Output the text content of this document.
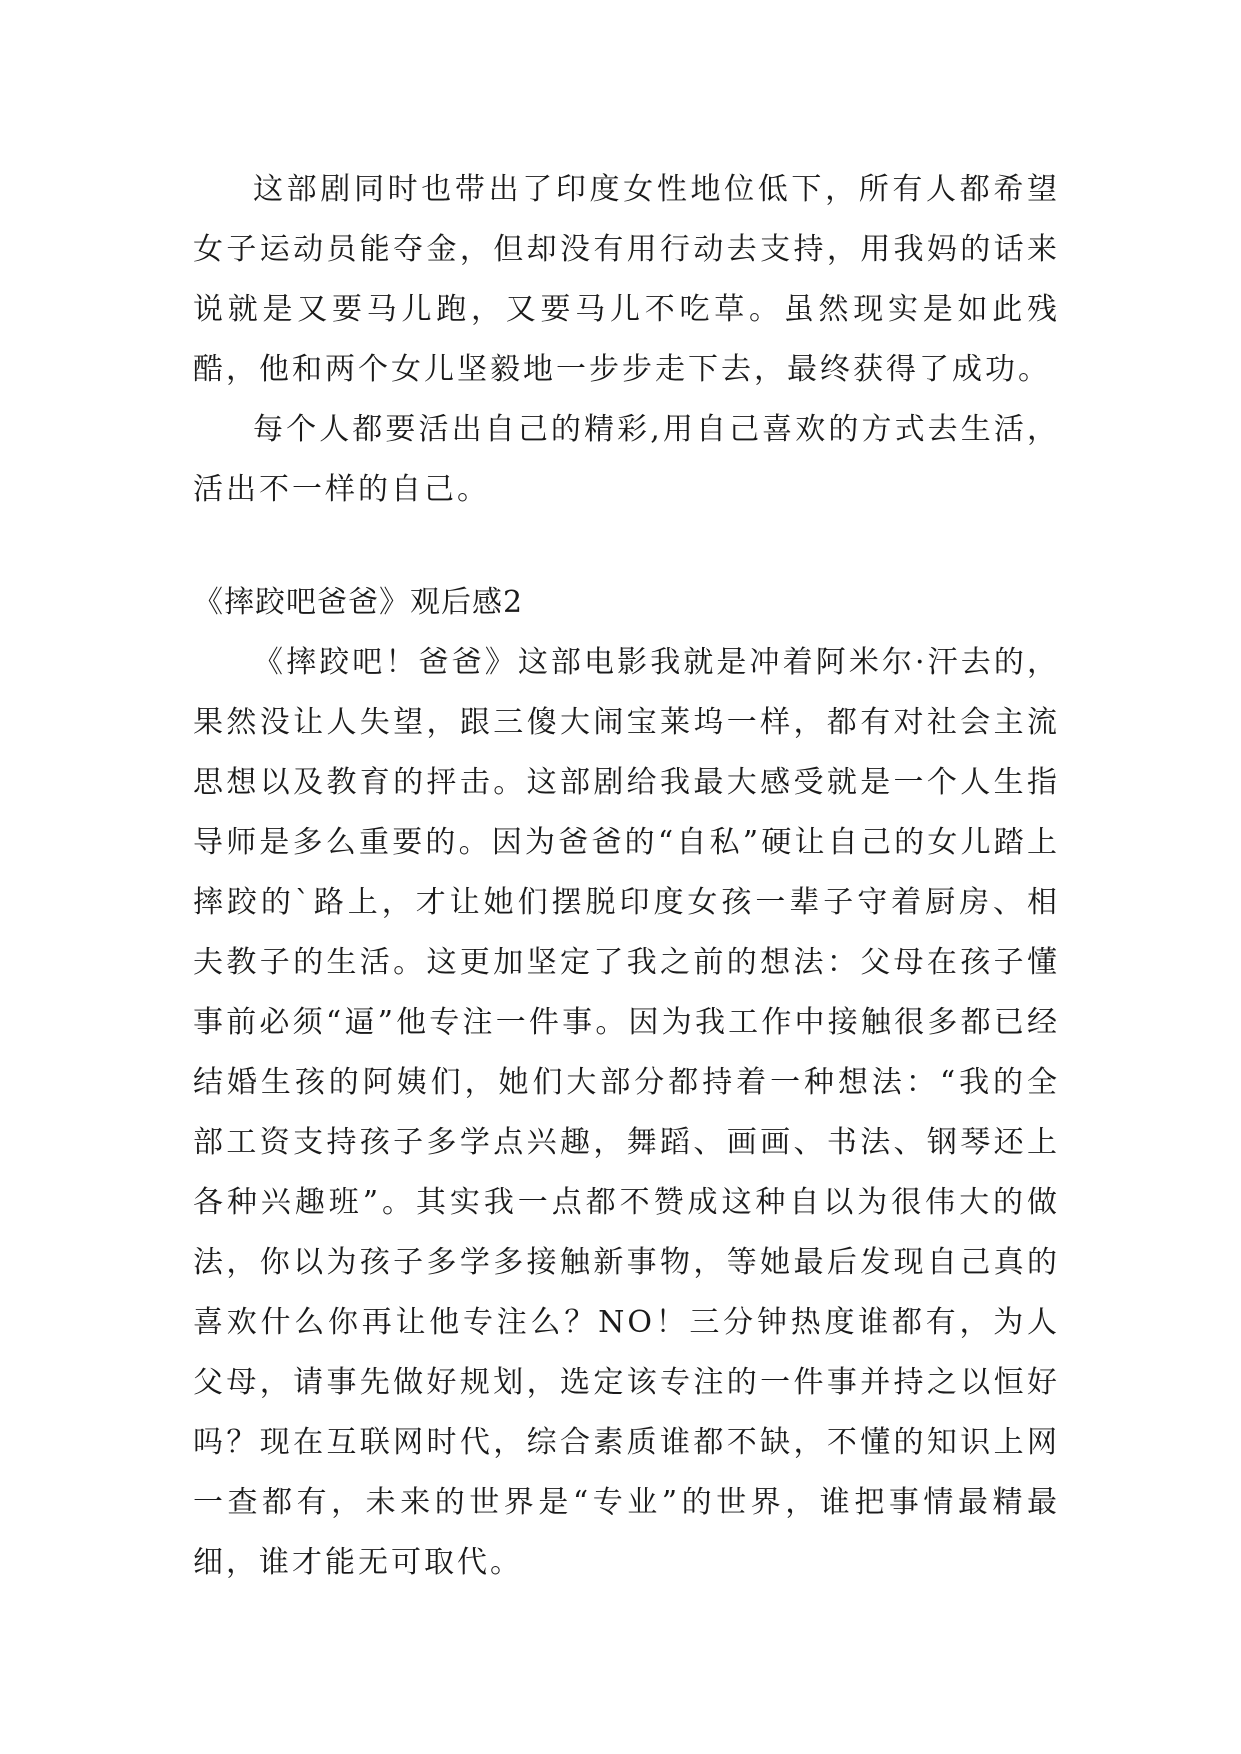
这部剧同时也带出了印度女性地位低下，所有人都希望女子运动员能夺金，但却没有用行动去支持，用我妈的话来说就是又要马儿跑，又要马儿不吃草。虽然现实是如此残酷，他和两个女儿坚毅地一步步走下去，最终获得了成功。

每个人都要活出自己的精彩,用自己喜欢的方式去生活，活出不一样的自己。

《摔跤吧爸爸》观后感2

《摔跤吧！爸爸》这部电影我就是冲着阿米尔·汗去的，果然没让人失望，跟三傻大闹宝莱坞一样，都有对社会主流思想以及教育的抨击。这部剧给我最大感受就是一个人生指导师是多么重要的。因为爸爸的“自私”硬让自己的女儿踏上摔跤的`路上，才让她们摆脱印度女孩一辈子守着厨房、相夫教子的生活。这更加坚定了我之前的想法：父母在孩子懂事前必须“逼”他专注一件事。因为我工作中接触很多都已经结婚生孩的阿姨们，她们大部分都持着一种想法：“我的全部工资支持孩子多学点兴趣，舞蹈、画画、书法、钢琴还上各种兴趣班”。其实我一点都不赞成这种自以为很伟大的做法，你以为孩子多学多接触新事物，等她最后发现自己真的喜欢什么你再让他专注么？NO！三分钟热度谁都有，为人父母，请事先做好规划，选定该专注的一件事并持之以恒好吗？现在互联网时代，综合素质谁都不缺，不懂的知识上网一查都有，未来的世界是“专业”的世界，谁把事情最精最细，谁才能无可取代。
